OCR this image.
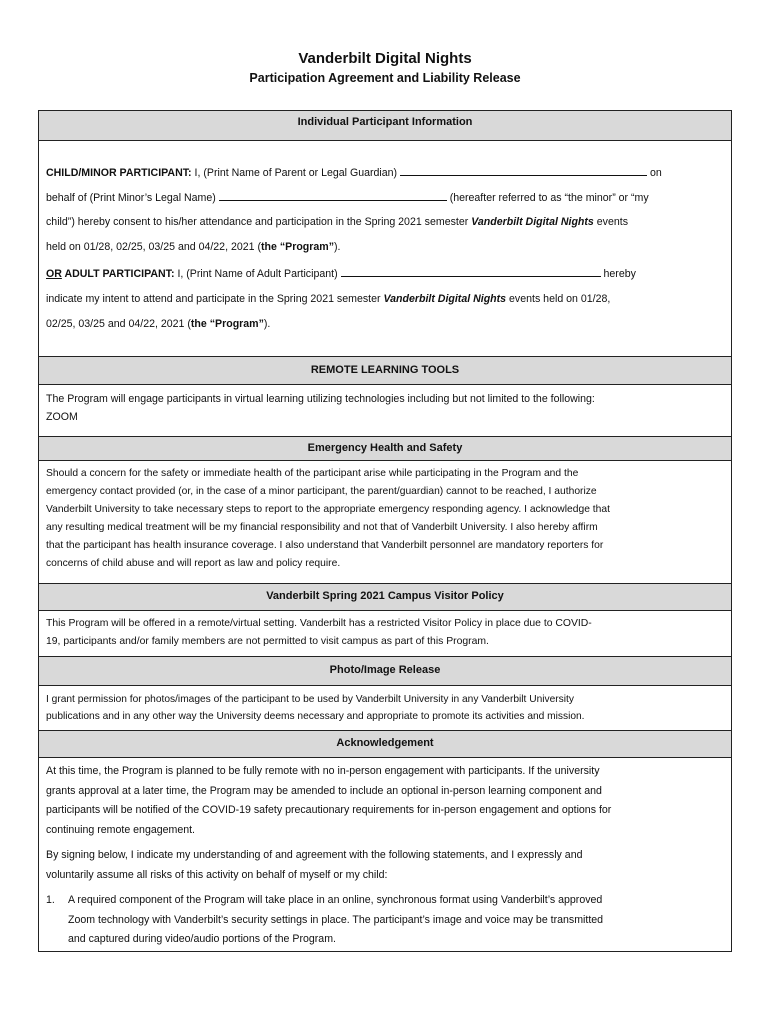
Vanderbilt Digital Nights
Participation Agreement and Liability Release
Individual Participant Information
CHILD/MINOR PARTICIPANT: I, (Print Name of Parent or Legal Guardian)	on
behalf of (Print Minor’s Legal Name)	(hereafter referred to as “the minor” or “my
child”) hereby consent to his/her attendance and participation in the Spring 2021 semester Vanderbilt Digital Nights events
held on 01/28, 02/25, 03/25 and 04/22, 2021 (the “Program”).
OR ADULT PARTICIPANT: I, (Print Name of Adult Participant)	hereby
indicate my intent to attend and participate in the Spring 2021 semester Vanderbilt Digital Nights events held on 01/28,
02/25, 03/25 and 04/22, 2021 (the “Program”).
REMOTE LEARNING TOOLS
The Program will engage participants in virtual learning utilizing technologies including but not limited to the following:
ZOOM
Emergency Health and Safety
Should a concern for the safety or immediate health of the participant arise while participating in the Program and the
emergency contact provided (or, in the case of a minor participant, the parent/guardian) cannot to be reached, I authorize
Vanderbilt University to take necessary steps to report to the appropriate emergency responding agency. I acknowledge that
any resulting medical treatment will be my financial responsibility and not that of Vanderbilt University. I also hereby affirm
that the participant has health insurance coverage. I also understand that Vanderbilt personnel are mandatory reporters for
concerns of child abuse and will report as law and policy require.
Vanderbilt Spring 2021 Campus Visitor Policy
This Program will be offered in a remote/virtual setting. Vanderbilt has a restricted Visitor Policy in place due to COVID-
19, participants and/or family members are not permitted to visit campus as part of this Program.
Photo/Image Release
I grant permission for photos/images of the participant to be used by Vanderbilt University in any Vanderbilt University
publications and in any other way the University deems necessary and appropriate to promote its activities and mission.
Acknowledgement
At this time, the Program is planned to be fully remote with no in-person engagement with participants. If the university
grants approval at a later time, the Program may be amended to include an optional in-person learning component and
participants will be notified of the COVID-19 safety precautionary requirements for in-person engagement and options for
continuing remote engagement.
By signing below, I indicate my understanding of and agreement with the following statements, and I expressly and
voluntarily assume all risks of this activity on behalf of myself or my child:
1.	A required component of the Program will take place in an online, synchronous format using Vanderbilt’s approved
Zoom technology with Vanderbilt’s security settings in place. The participant’s image and voice may be transmitted
and captured during video/audio portions of the Program.
